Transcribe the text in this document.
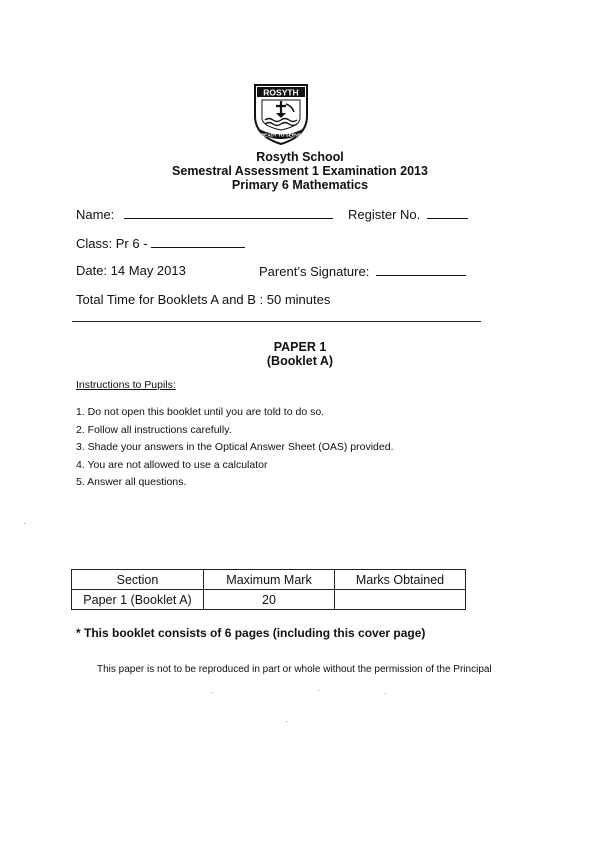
ROSYTH
READY TO SERVE
Rosyth School
Semestral Assessment 1 Examination 2013
Primary 6 Mathematics
Name:	Register No.
Class: Pr 6 -
Date: 14 May 2013	Parent’s Signature:
Total Time for Booklets A and B : 50 minutes
PAPER 1
(Booklet A)
Instructions to Pupils:
1. Do not open this booklet until you are told to do so.
2. Follow all instructions carefully.
3. Shade your answers in the Optical Answer Sheet (OAS) provided.
4. You are not allowed to use a calculator
5. Answer all questions.
Section	Maximum Mark	Marks Obtained
Paper 1 (Booklet A)	20	
* This booklet consists of 6 pages (including this cover page)
This paper is not to be reproduced in part or whole without the permission of the Principal
